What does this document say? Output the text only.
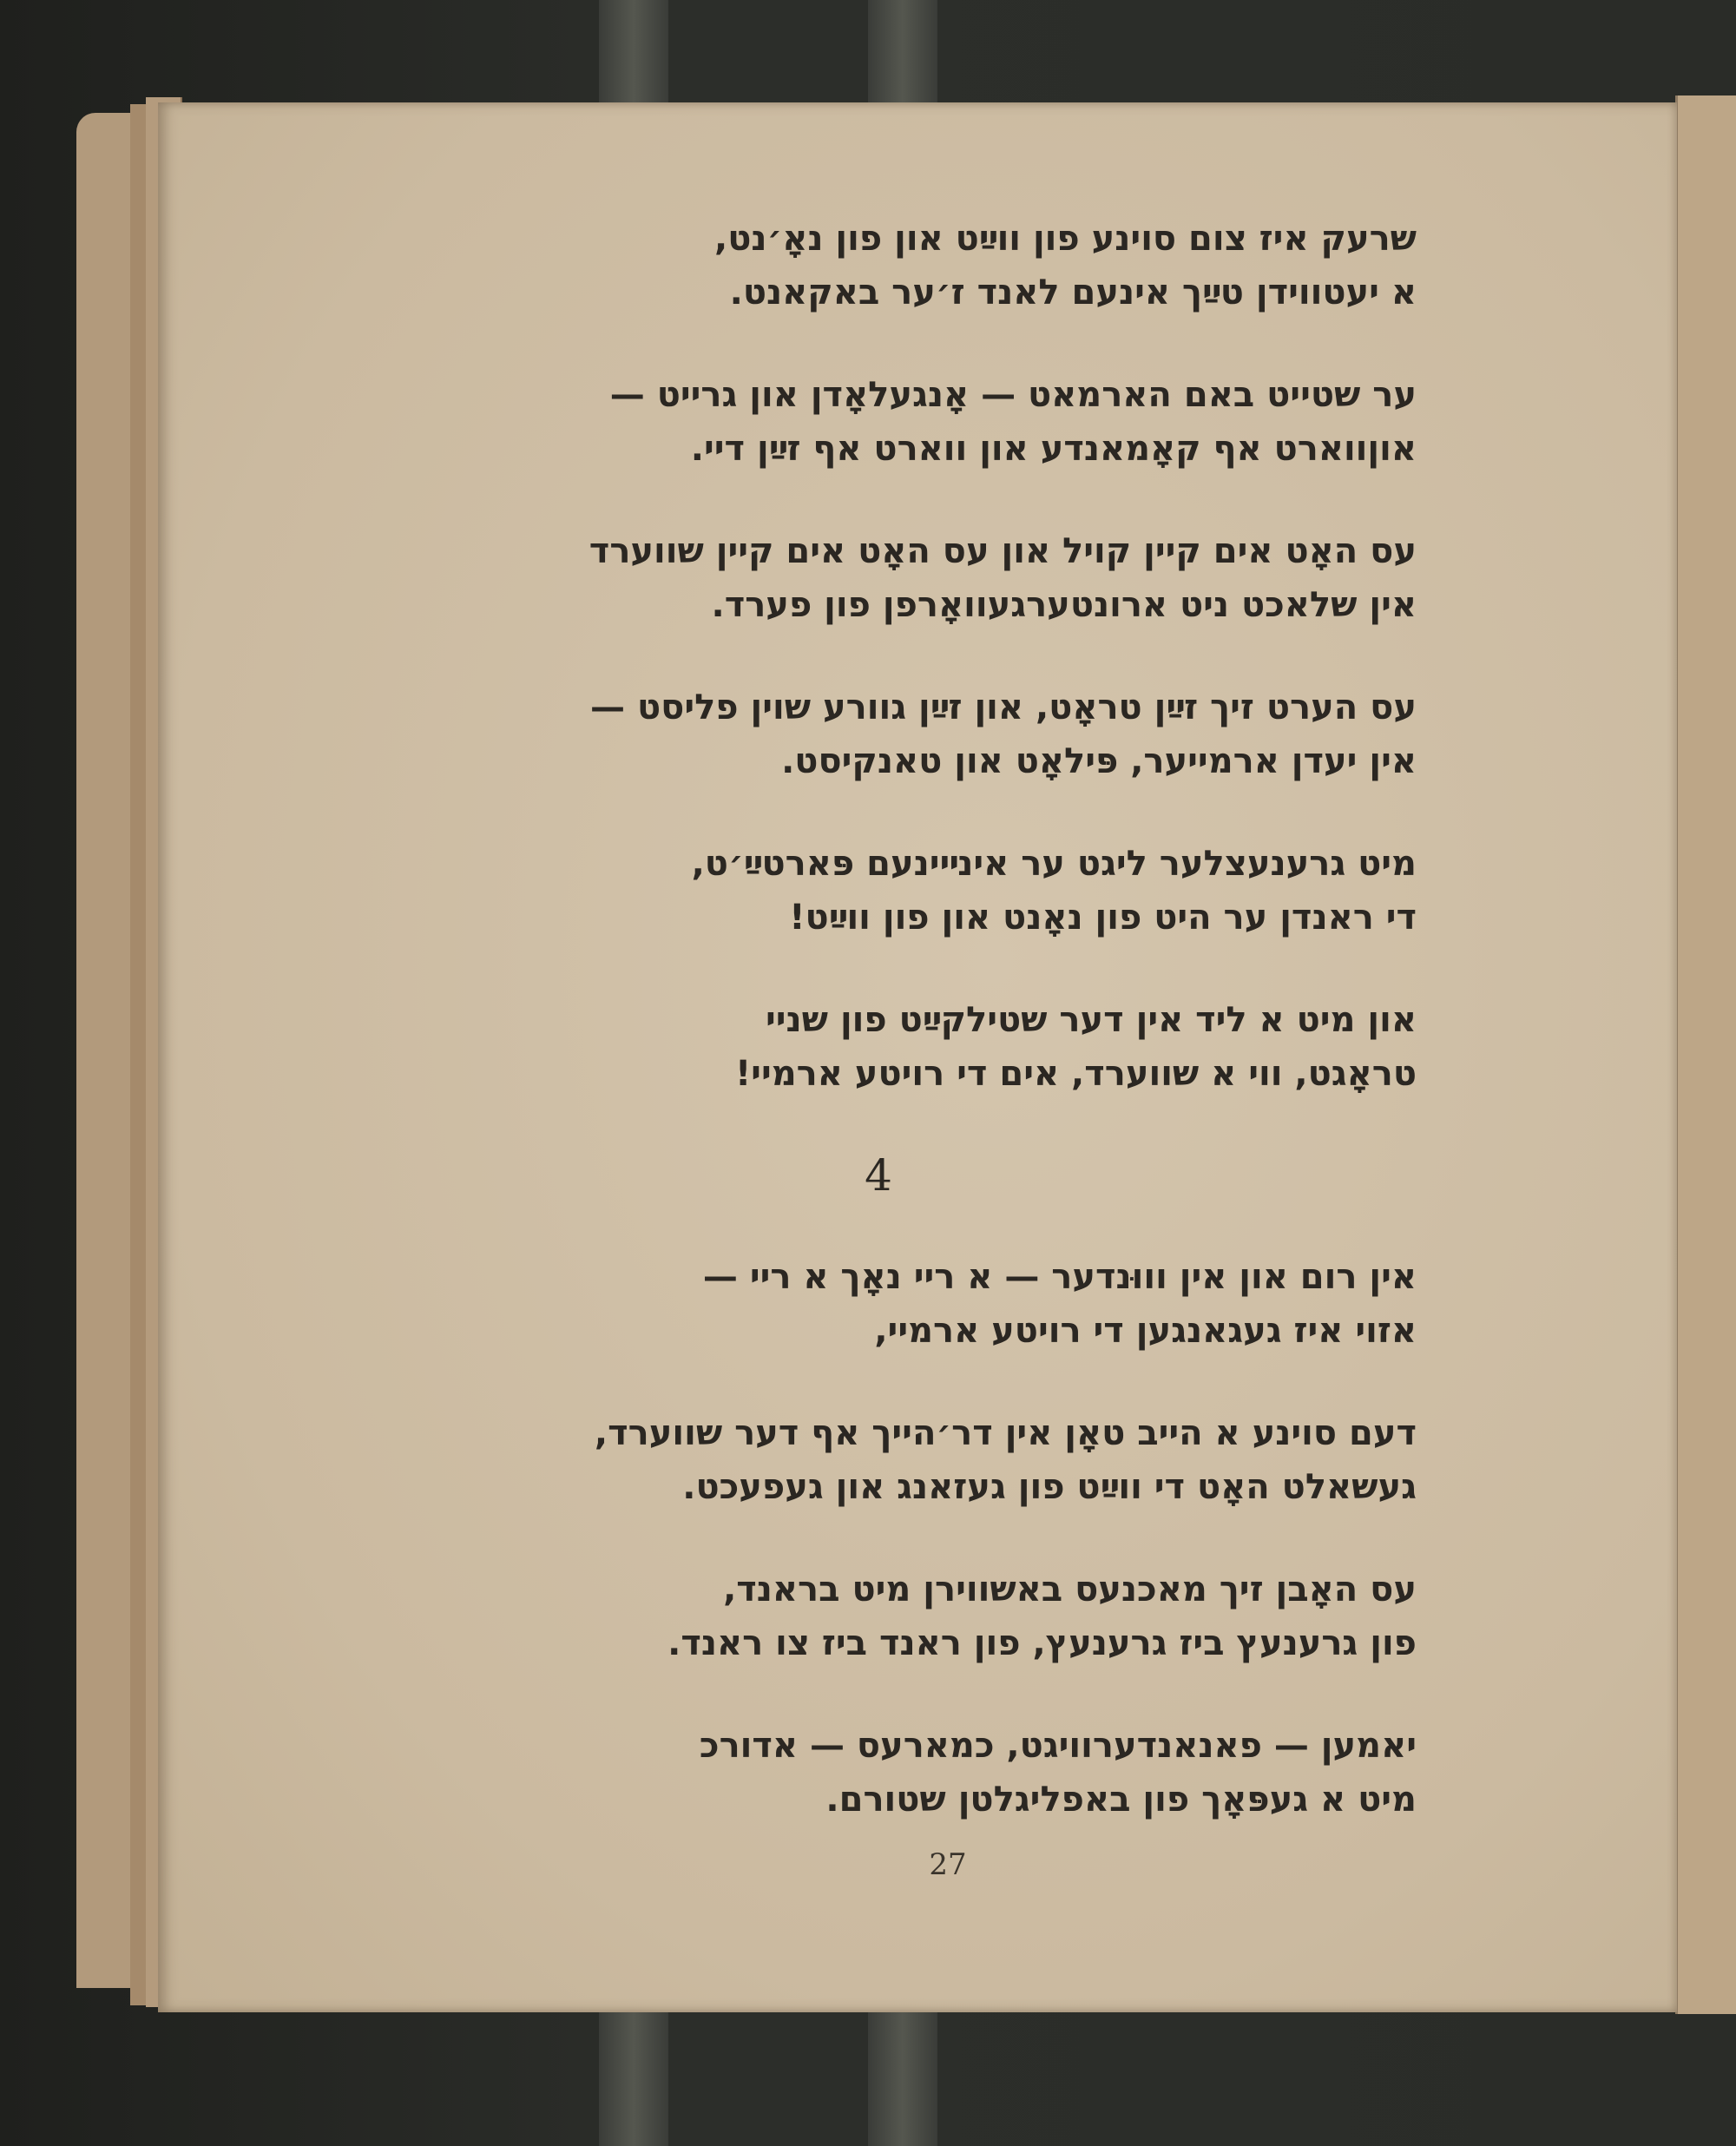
שרעק איז צום סוינע פון ווײַט און פון נאָ׳נט,
א יעטווידן טײַך אינעם לאנד ז׳ער באקאנט.
ער שטייט באם הארמאט — אָנגעלאָדן און גרייט —
אוןווארט אף קאָמאנדע און ווארט אף זײַן דיי.
עס האָט אים קיין קויל און עס האָט אים קיין שווערד
אין שלאכט ניט ארונטערגעוואָרפן פון פערד.
עס הערט זיך זײַן טראָט, און זײַן גוורע שוין פליסט —
אין יעדן ארמייער, פּילאָט און טאנקיסט.
מיט גרענעצלער ליגט ער אינײינעם פּארטײַ׳ט,
די ראנדן ער היט פון נאָנט און פון ווײַט!
און מיט א ליד אין דער שטילקײַט פון שניי
טראָגט, ווי א שווערד, אים די רויטע ארמיי!
4
אין רום און אין וווּנדער — א ריי נאָך א ריי —
אזוי איז געגאנגען די רויטע ארמיי,
דעם סוינע א הייב טאָן אין דר׳הייך אף דער שווערד,
געשאלט האָט די ווײַט פון געזאנג און געפעכט.
עס האָבן זיך מאכנעס באשווירן מיט בראנד,
פון גרענעץ ביז גרענעץ, פון ראנד ביז צו ראנד.
יאמען — פאנאנדערוויגט, כמארעס — אדורכ
מיט א געפּאָך פון באפליגלטן שטורם.
27
